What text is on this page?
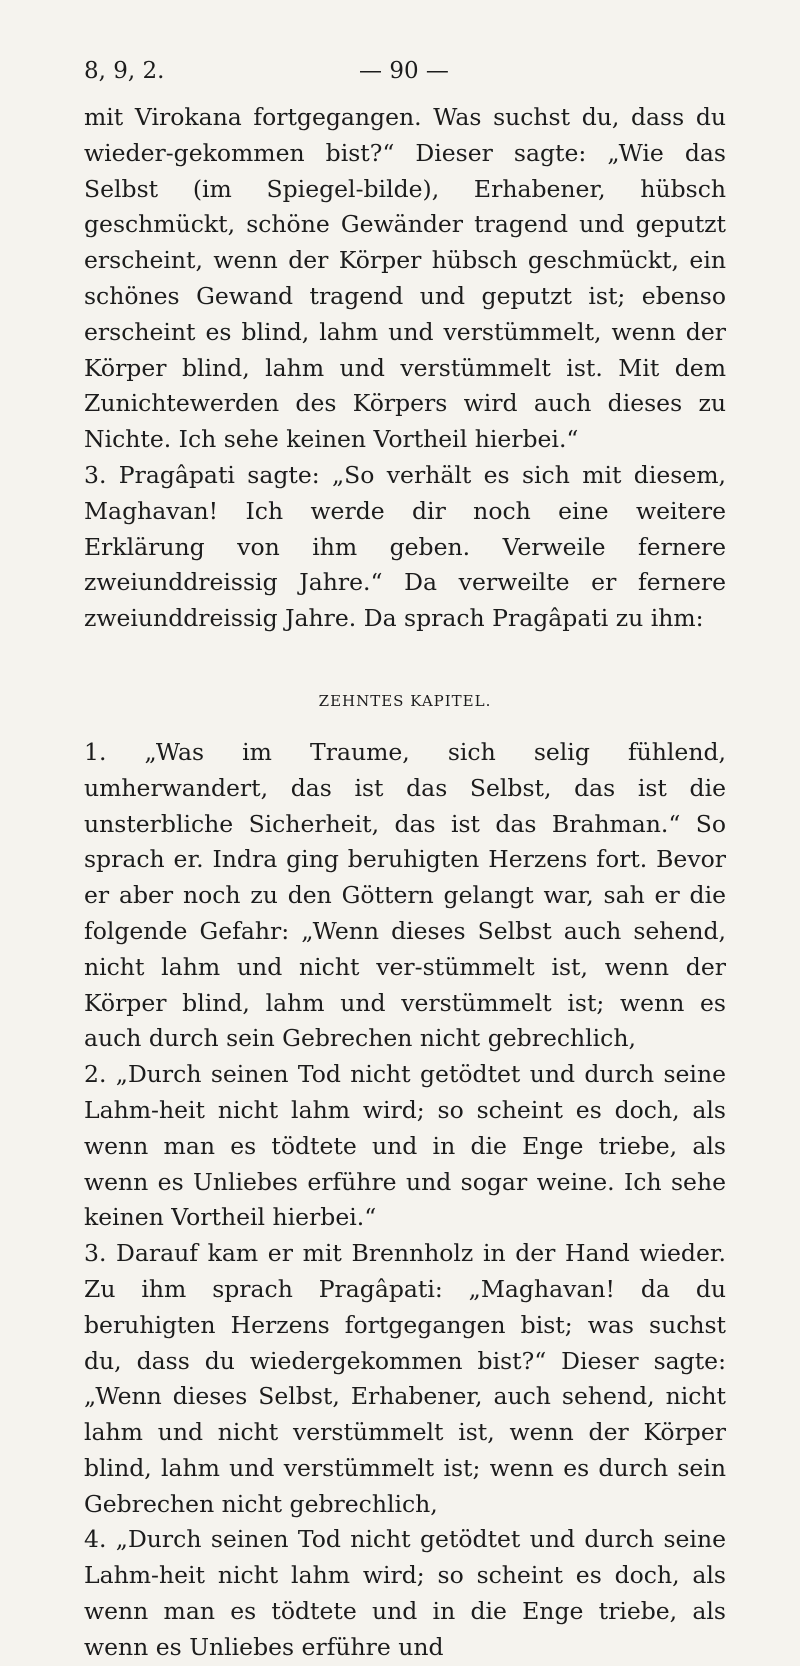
8, 9, 2.	— 90 —

mit Virokana fortgegangen. Was suchst du, dass du wieder-gekommen bist?“ Dieser sagte: „Wie das Selbst (im Spiegel-bilde), Erhabener, hübsch geschmückt, schöne Gewänder tragend und geputzt erscheint, wenn der Körper hübsch geschmückt, ein schönes Gewand tragend und geputzt ist; ebenso erscheint es blind, lahm und verstümmelt, wenn der Körper blind, lahm und verstümmelt ist. Mit dem Zunichtewerden des Körpers wird auch dieses zu Nichte. Ich sehe keinen Vortheil hierbei.“

3. Pragâpati sagte: „So verhält es sich mit diesem, Maghavan! Ich werde dir noch eine weitere Erklärung von ihm geben. Verweile fernere zweiunddreissig Jahre.“ Da verweilte er fernere zweiunddreissig Jahre. Da sprach Pragâpati zu ihm:

ZEHNTES KAPITEL.

1. „Was im Traume, sich selig fühlend, umherwandert, das ist das Selbst, das ist die unsterbliche Sicherheit, das ist das Brahman.“ So sprach er. Indra ging beruhigten Herzens fort. Bevor er aber noch zu den Göttern gelangt war, sah er die folgende Gefahr: „Wenn dieses Selbst auch sehend, nicht lahm und nicht ver-stümmelt ist, wenn der Körper blind, lahm und verstümmelt ist; wenn es auch durch sein Gebrechen nicht gebrechlich,

2. „Durch seinen Tod nicht getödtet und durch seine Lahm-heit nicht lahm wird; so scheint es doch, als wenn man es tödtete und in die Enge triebe, als wenn es Unliebes erführe und sogar weine. Ich sehe keinen Vortheil hierbei.“

3. Darauf kam er mit Brennholz in der Hand wieder. Zu ihm sprach Pragâpati: „Maghavan! da du beruhigten Herzens fortgegangen bist; was suchst du, dass du wiedergekommen bist?“ Dieser sagte: „Wenn dieses Selbst, Erhabener, auch sehend, nicht lahm und nicht verstümmelt ist, wenn der Körper blind, lahm und verstümmelt ist; wenn es durch sein Gebrechen nicht gebrechlich,

4. „Durch seinen Tod nicht getödtet und durch seine Lahm-heit nicht lahm wird; so scheint es doch, als wenn man es tödtete und in die Enge triebe, als wenn es Unliebes erführe und
